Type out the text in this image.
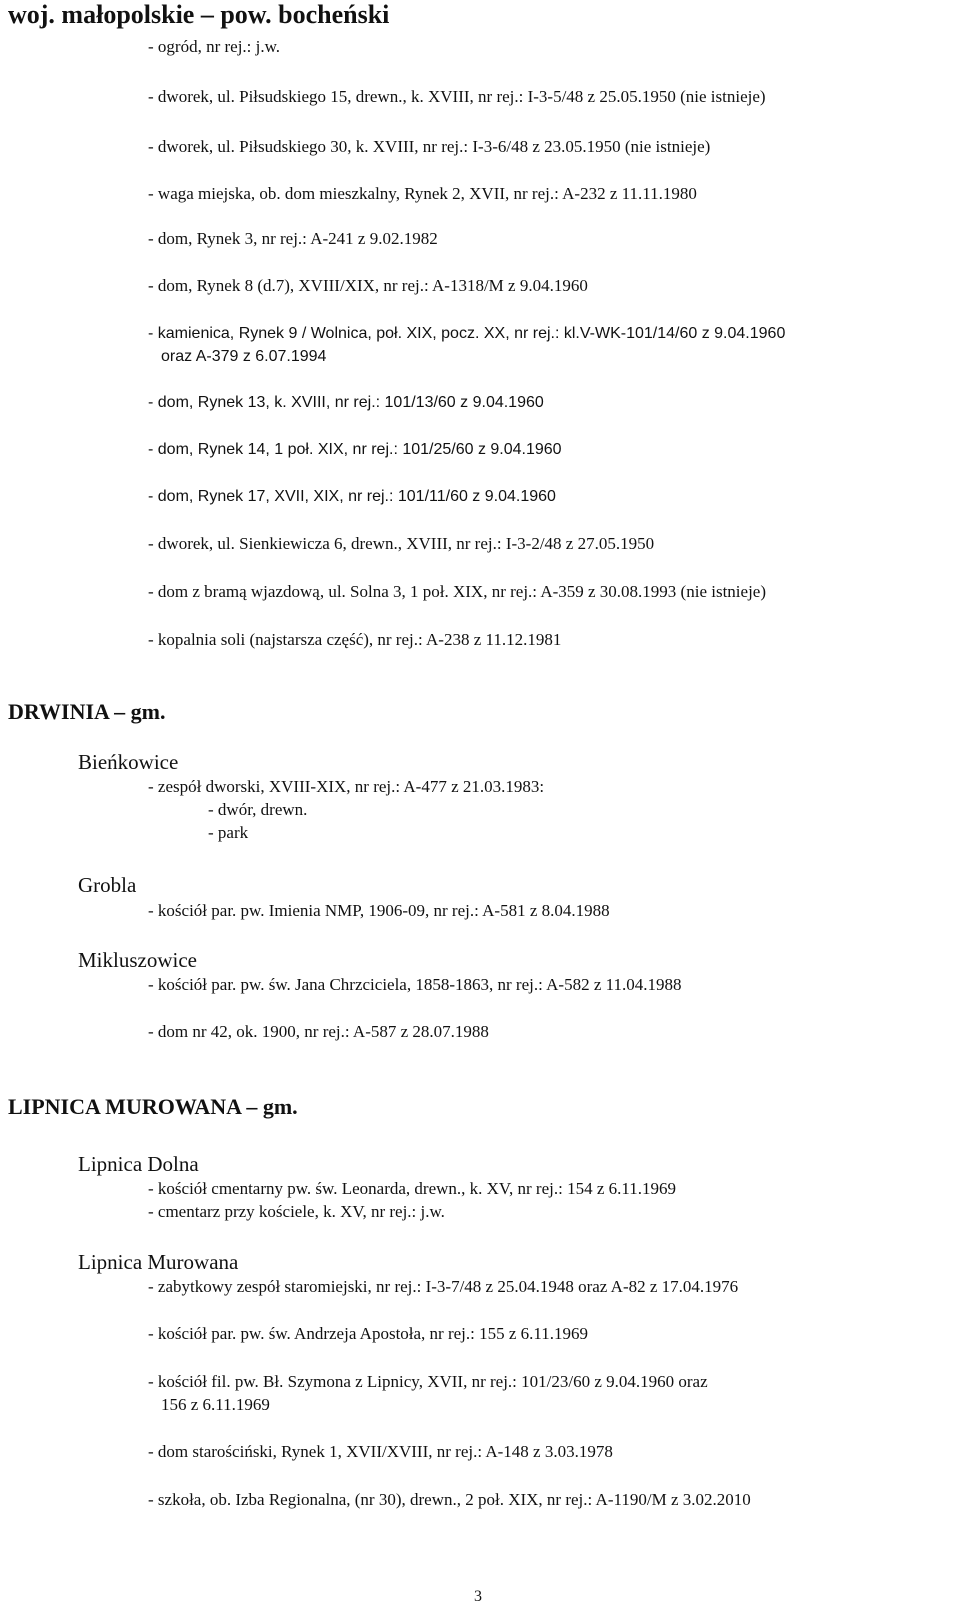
woj. małopolskie – pow. bocheński
- ogród, nr rej.: j.w.
- dworek, ul. Piłsudskiego 15, drewn., k. XVIII, nr rej.: I-3-5/48 z 25.05.1950 (nie istnieje)
- dworek, ul. Piłsudskiego 30, k. XVIII, nr rej.: I-3-6/48 z 23.05.1950 (nie istnieje)
- waga miejska, ob. dom mieszkalny, Rynek 2, XVII, nr rej.: A-232 z 11.11.1980
- dom, Rynek 3, nr rej.: A-241 z 9.02.1982
- dom, Rynek 8 (d.7), XVIII/XIX, nr rej.: A-1318/M z 9.04.1960
- kamienica, Rynek 9 / Wolnica, poł. XIX, pocz. XX, nr rej.: kl.V-WK-101/14/60 z 9.04.1960
oraz A-379 z 6.07.1994
- dom, Rynek 13, k. XVIII, nr rej.: 101/13/60 z 9.04.1960
- dom, Rynek 14, 1 poł. XIX, nr rej.: 101/25/60 z 9.04.1960
- dom, Rynek 17, XVII, XIX, nr rej.: 101/11/60 z 9.04.1960
- dworek, ul. Sienkiewicza 6, drewn., XVIII, nr rej.: I-3-2/48 z 27.05.1950
- dom z bramą wjazdową, ul. Solna 3, 1 poł. XIX, nr rej.: A-359 z 30.08.1993 (nie istnieje)
- kopalnia soli (najstarsza część), nr rej.: A-238 z 11.12.1981
DRWINIA – gm.
Bieńkowice
- zespół dworski, XVIII-XIX, nr rej.: A-477 z 21.03.1983:
- dwór, drewn.
- park
Grobla
- kościół par. pw. Imienia NMP, 1906-09, nr rej.: A-581 z 8.04.1988
Mikluszowice
- kościół par. pw. św. Jana Chrzciciela, 1858-1863, nr rej.: A-582 z 11.04.1988
- dom nr 42, ok. 1900, nr rej.: A-587 z 28.07.1988
LIPNICA MUROWANA – gm.
Lipnica Dolna
- kościół cmentarny pw. św. Leonarda, drewn., k. XV, nr rej.: 154 z 6.11.1969
- cmentarz przy kościele, k. XV, nr rej.: j.w.
Lipnica Murowana
- zabytkowy zespół staromiejski, nr rej.: I-3-7/48 z 25.04.1948 oraz A-82 z 17.04.1976
- kościół par. pw. św. Andrzeja Apostoła, nr rej.: 155 z 6.11.1969
- kościół fil. pw. Bł. Szymona z Lipnicy, XVII, nr rej.: 101/23/60 z 9.04.1960 oraz
156 z 6.11.1969
- dom starościński, Rynek 1, XVII/XVIII, nr rej.: A-148 z 3.03.1978
- szkoła, ob. Izba Regionalna, (nr 30), drewn., 2 poł. XIX, nr rej.: A-1190/M z 3.02.2010
3
